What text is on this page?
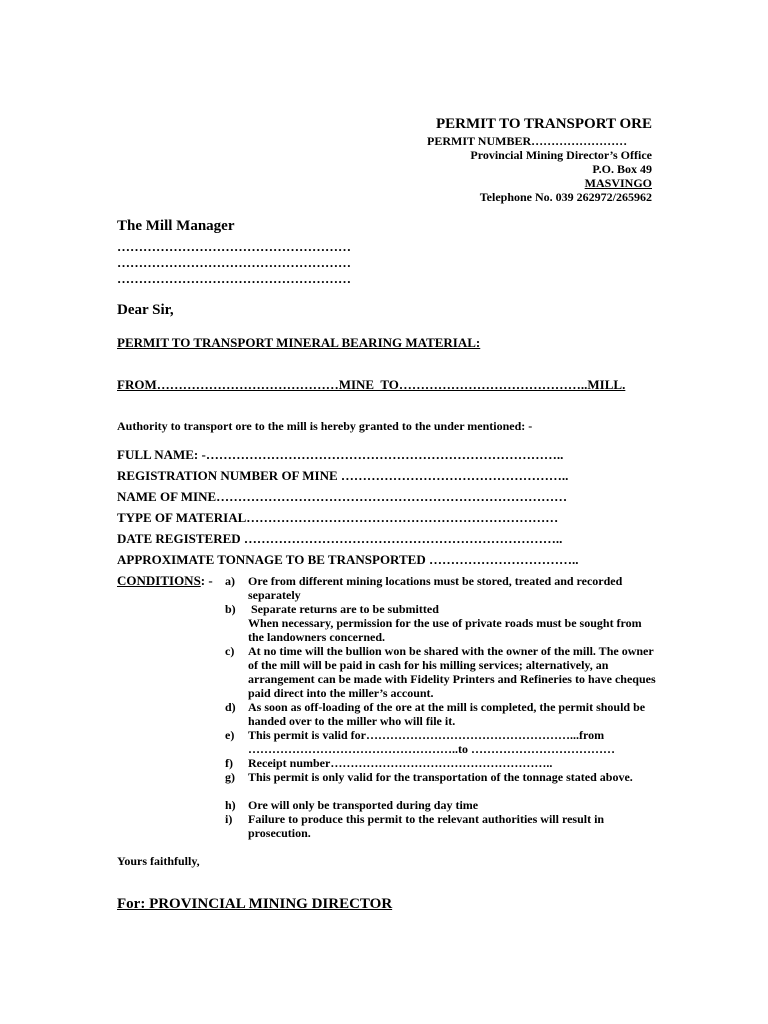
PERMIT TO TRANSPORT ORE
PERMIT NUMBER……………………
Provincial Mining Director’s Office
P.O. Box 49
MASVINGO
Telephone No. 039 262972/265962
The Mill Manager
………………………………………………
………………………………………………
………………………………………………
Dear Sir,
PERMIT TO TRANSPORT MINERAL BEARING MATERIAL:
FROM……………………………………MINE  TO……………………………………..MILL.
Authority to transport ore to the mill is hereby granted to the under mentioned: -
FULL NAME: -………………………………………………………………………..
REGISTRATION NUMBER OF MINE ……………………………………………..
NAME OF MINE………………………………………………………………………
TYPE OF MATERIAL………………………………………………………………
DATE REGISTERED ………………………………………………………………..
APPROXIMATE TONNAGE TO BE TRANSPORTED ……………………………..
CONDITIONS: - a) Ore from different mining locations must be stored, treated and recorded separately
b) Separate returns are to be submitted
When necessary, permission for the use of private roads must be sought from the landowners concerned.
c) At no time will the bullion won be shared with the owner of the mill. The owner of the mill will be paid in cash for his milling services; alternatively, an arrangement can be made with Fidelity Printers and Refineries to have cheques paid direct into the miller’s account.
d) As soon as off-loading of the ore at the mill is completed, the permit should be handed over to the miller who will file it.
e) This permit is valid for……………………………………………...from ……………………………………………..to ………………………………
f) Receipt number………………………………………………..
g) This permit is only valid for the transportation of the tonnage stated above.
h) Ore will only be transported during day time
i) Failure to produce this permit to the relevant authorities will result in prosecution.
Yours faithfully,
For: PROVINCIAL MINING DIRECTOR
